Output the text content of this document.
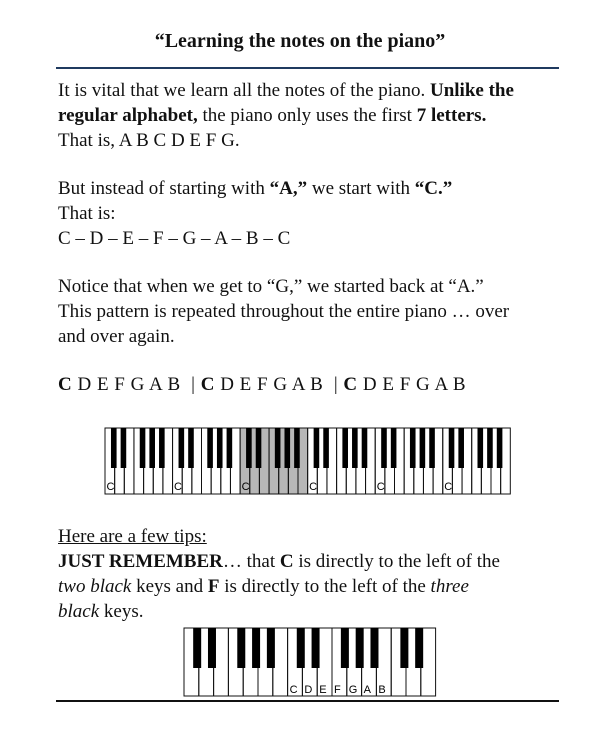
“Learning the notes on the piano”
It is vital that we learn all the notes of the piano. Unlike the
regular alphabet, the piano only uses the first 7 letters.
That is, A B C D E F G.
But instead of starting with “A,” we start with “C.”
That is:
C – D – E – F – G – A – B – C
Notice that when we get to “G,” we started back at “A.”
This pattern is repeated throughout the entire piano … over
and over again.
C D E F G A B  | C D E F G A B  | C D E F G A B
C	C	C	C	C	C
Here are a few tips:
JUST REMEMBER… that C is directly to the left of the
two black keys and F is directly to the left of the three
black keys.
C D E F G A B
